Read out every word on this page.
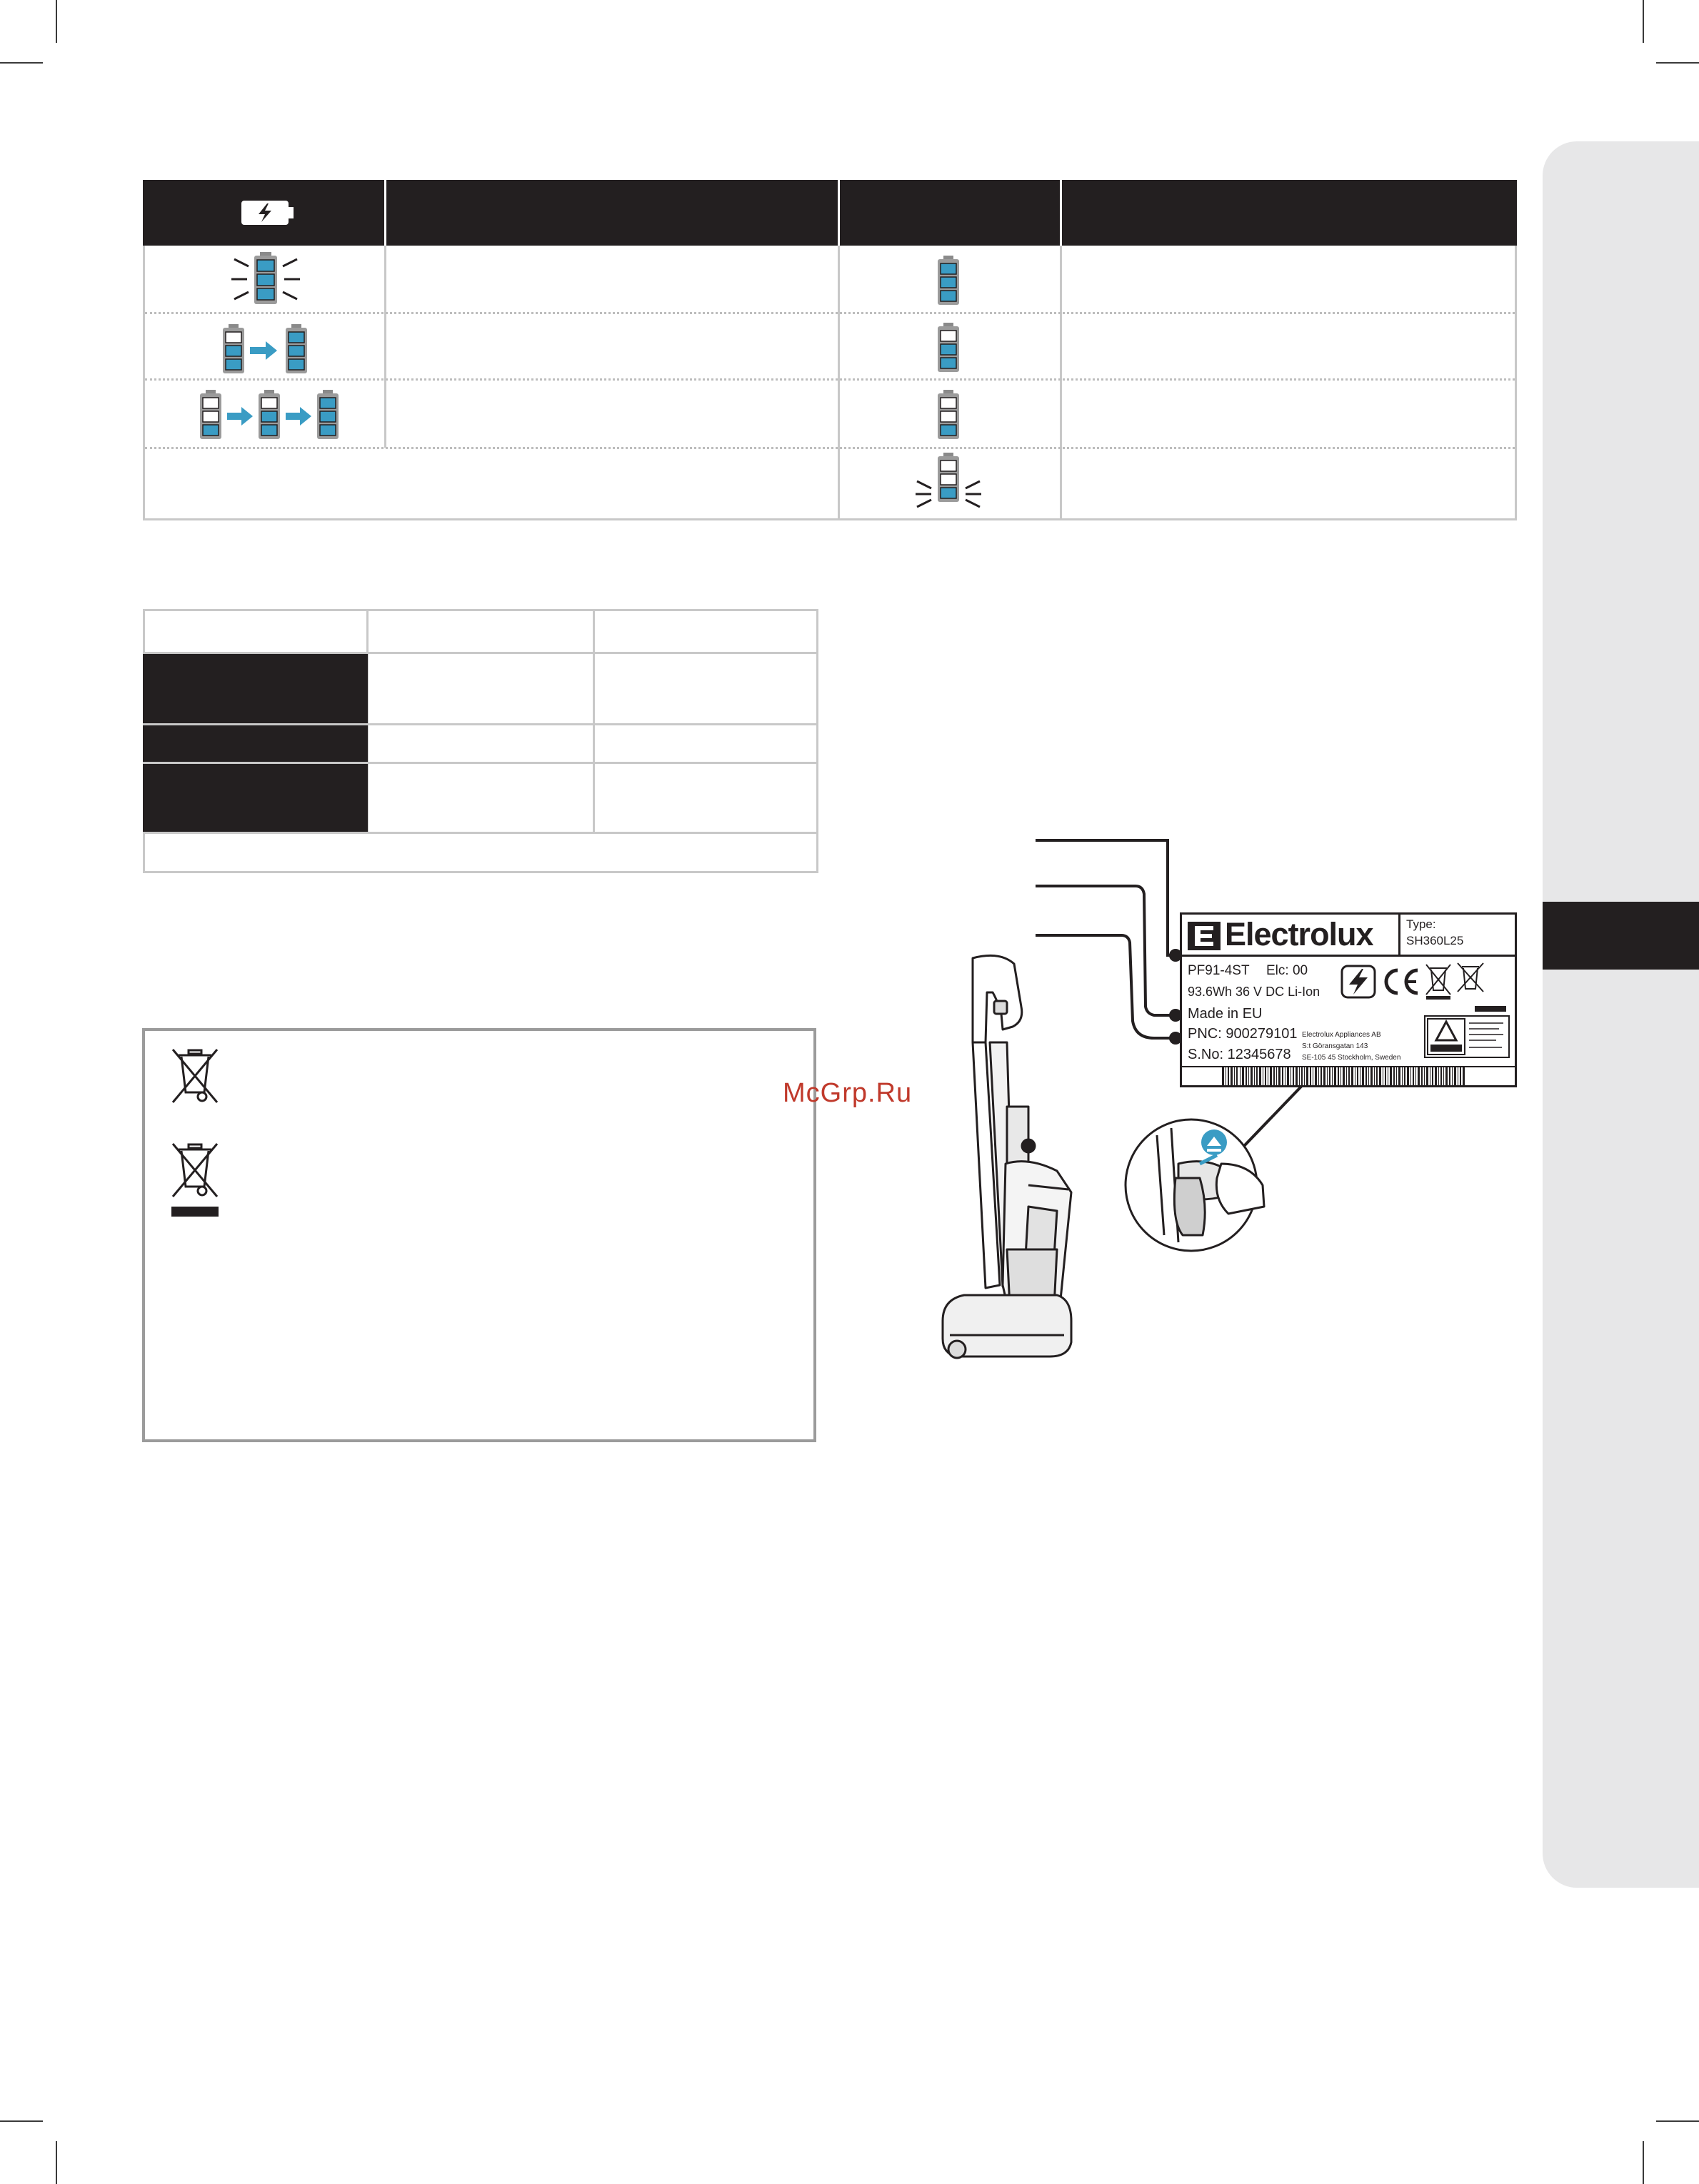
McGrp.Ru
Electrolux	Type:
SH360L25
PF91-4ST Elc: 00
93.6Wh 36 V DC Li-Ion
Made in EU
PNC: 900279101
S.No: 12345678
Electrolux Appliances AB
S:t Göransgatan 143
SE-105 45 Stockholm, Sweden
